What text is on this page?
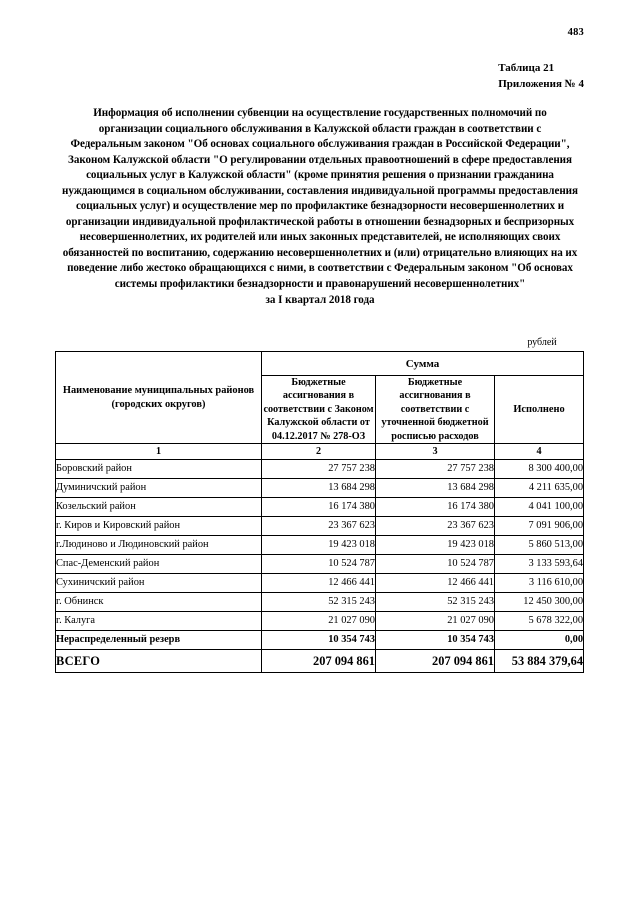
483
Таблица 21
Приложения № 4
Информация об исполнении субвенции на осуществление государственных полномочий по организации социального обслуживания в Калужской области граждан в соответствии с Федеральным законом "Об основах социального обслуживания граждан в Российской Федерации", Законом Калужской области "О регулировании отдельных правоотношений в сфере предоставления социальных услуг в Калужской области" (кроме принятия решения о признании гражданина нуждающимся в социальном обслуживании, составления индивидуальной программы предоставления социальных услуг) и осуществление мер по профилактике безнадзорности несовершеннолетних и организации индивидуальной профилактической работы в отношении безнадзорных и беспризорных несовершеннолетних, их родителей или иных законных представителей, не исполняющих своих обязанностей по воспитанию, содержанию несовершеннолетних и (или) отрицательно влияющих на их поведение либо жестоко обращающихся с ними, в соответствии с Федеральным законом "Об основах системы профилактики безнадзорности и правонарушений несовершеннолетних"
за I квартал 2018 года
рублей
Наименование муниципальных районов (городских округов)	Сумма		
	Бюджетные ассигнования в соответствии с Законом Калужской области от 04.12.2017 № 278-ОЗ	Бюджетные ассигнования в соответствии с уточненной бюджетной росписью расходов	Исполнено
1	2	3	4
Боровский район	27 757 238	27 757 238	8 300 400,00
Думиничский район	13 684 298	13 684 298	4 211 635,00
Козельский район	16 174 380	16 174 380	4 041 100,00
г. Киров и Кировский район	23 367 623	23 367 623	7 091 906,00
г.Людиново и Людиновский район	19 423 018	19 423 018	5 860 513,00
Спас-Деменский район	10 524 787	10 524 787	3 133 593,64
Сухиничский район	12 466 441	12 466 441	3 116 610,00
г. Обнинск	52 315 243	52 315 243	12 450 300,00
г. Калуга	21 027 090	21 027 090	5 678 322,00
Нераспределенный резерв	10 354 743	10 354 743	0,00
ВСЕГО	207 094 861	207 094 861	53 884 379,64
